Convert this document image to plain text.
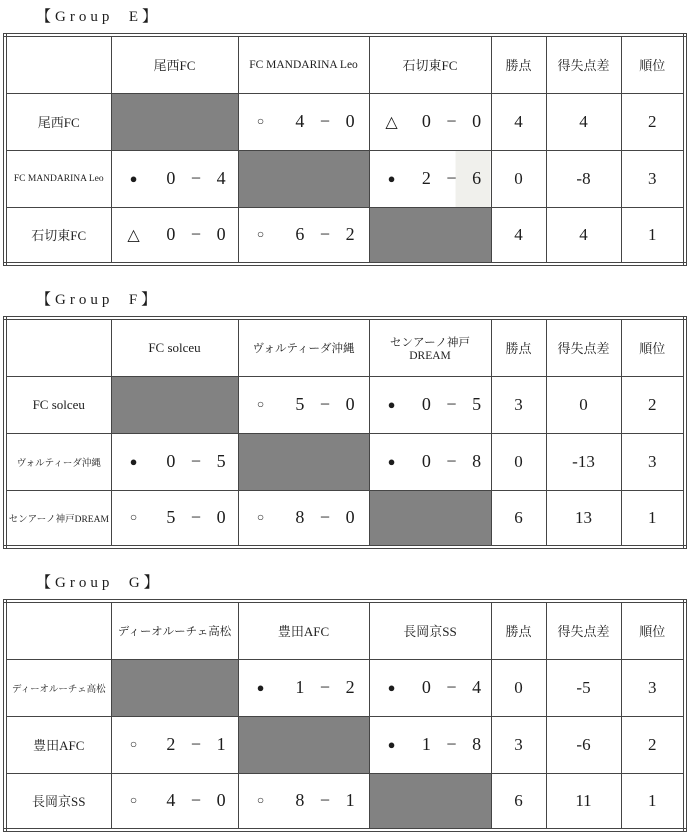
【Group  E】
	尾西FC	FC MANDARINA Leo	石切東FC	勝点	得失点差	順位
尾西FC		○ 4 − 0	△ 0 − 0	4	4	2
FC MANDARINA Leo	● 0 − 4		● 2 − 6	0	-8	3
石切東FC	△ 0 − 0	○ 6 − 2		4	4	1
【Group  F】
	FC solceu	ヴォルティーダ沖縄	センアーノ神戸DREAM	勝点	得失点差	順位
FC solceu		○ 5 − 0	● 0 − 5	3	0	2
ヴォルティーダ沖縄	● 0 − 5		● 0 − 8	0	-13	3
センアーノ神戸DREAM	○ 5 − 0	○ 8 − 0		6	13	1
【Group  G】
	ディーオルーチェ高松	豊田AFC	長岡京SS	勝点	得失点差	順位
ディーオルーチェ高松		● 1 − 2	● 0 − 4	0	-5	3
豊田AFC	○ 2 − 1		● 1 − 8	3	-6	2
長岡京SS	○ 4 − 0	○ 8 − 1		6	11	1
